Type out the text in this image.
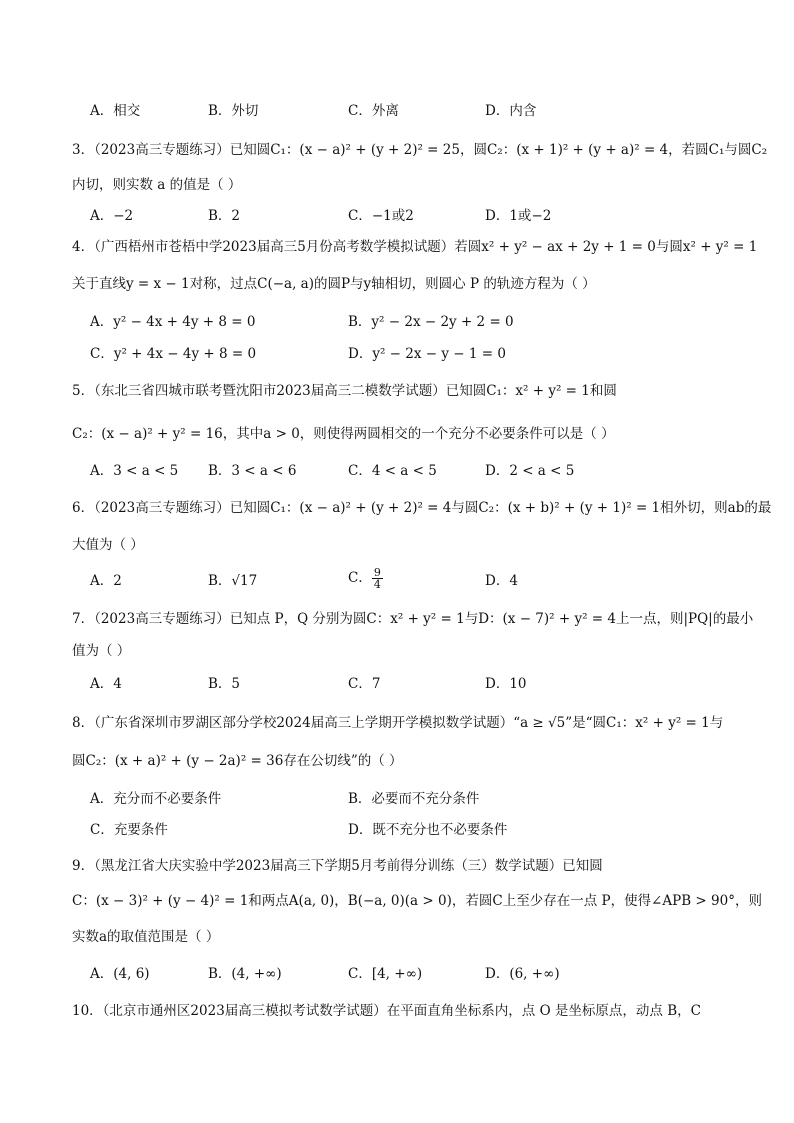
A．相交	B．外切	C．外离	D．内含
3．（2023高三专题练习）已知圆C₁：(x − a)² + (y + 2)² = 25，圆C₂：(x + 1)² + (y + a)² = 4，若圆C₁与圆C₂
内切，则实数 a 的值是（ ）
A．−2	B．2	C．−1或2	D．1或−2
4．（广西梧州市苍梧中学2023届高三5月份高考数学模拟试题）若圆x² + y² − ax + 2y + 1 = 0与圆x² + y² = 1
关于直线y = x − 1对称，过点C(−a, a)的圆P与y轴相切，则圆心 P 的轨迹方程为（ ）
A．y² − 4x + 4y + 8 = 0	B．y² − 2x − 2y + 2 = 0
C．y² + 4x − 4y + 8 = 0	D．y² − 2x − y − 1 = 0
5．（东北三省四城市联考暨沈阳市2023届高三二模数学试题）已知圆C₁：x² + y² = 1和圆
C₂：(x − a)² + y² = 16，其中a > 0，则使得两圆相交的一个充分不必要条件可以是（ ）
A．3 < a < 5 B．3 < a < 6	C．4 < a < 5	D．2 < a < 5
6．（2023高三专题练习）已知圆C₁：(x − a)² + (y + 2)² = 4与圆C₂：(x + b)² + (y + 1)² = 1相外切，则ab的最
大值为（ ）
A．2	B．√17	C． $\frac{9}{4}$	D．4
7．（2023高三专题练习）已知点 P，Q 分别为圆C：x² + y² = 1与D：(x − 7)² + y² = 4上一点，则|PQ|的最小
值为（ ）
A．4	B．5	C．7	D．10
8．（广东省深圳市罗湖区部分学校2024届高三上学期开学模拟数学试题）“a ≥ √5”是“圆C₁：x² + y² = 1与
圆C₂：(x + a)² + (y − 2a)² = 36存在公切线”的（ ）
A．充分而不必要条件	B．必要而不充分条件
C．充要条件	D．既不充分也不必要条件
9．（黑龙江省大庆实验中学2023届高三下学期5月考前得分训练（三）数学试题）已知圆
C：(x − 3)² + (y − 4)² = 1和两点A(a, 0)，B(−a, 0)(a > 0)，若圆C上至少存在一点 P，使得∠APB > 90°，则
实数a的取值范围是（ ）
A．(4, 6)	B．(4, +∞)	C．[4, +∞)	D．(6, +∞)
10．（北京市通州区2023届高三模拟考试数学试题）在平面直角坐标系内，点 O 是坐标原点，动点 B，C
